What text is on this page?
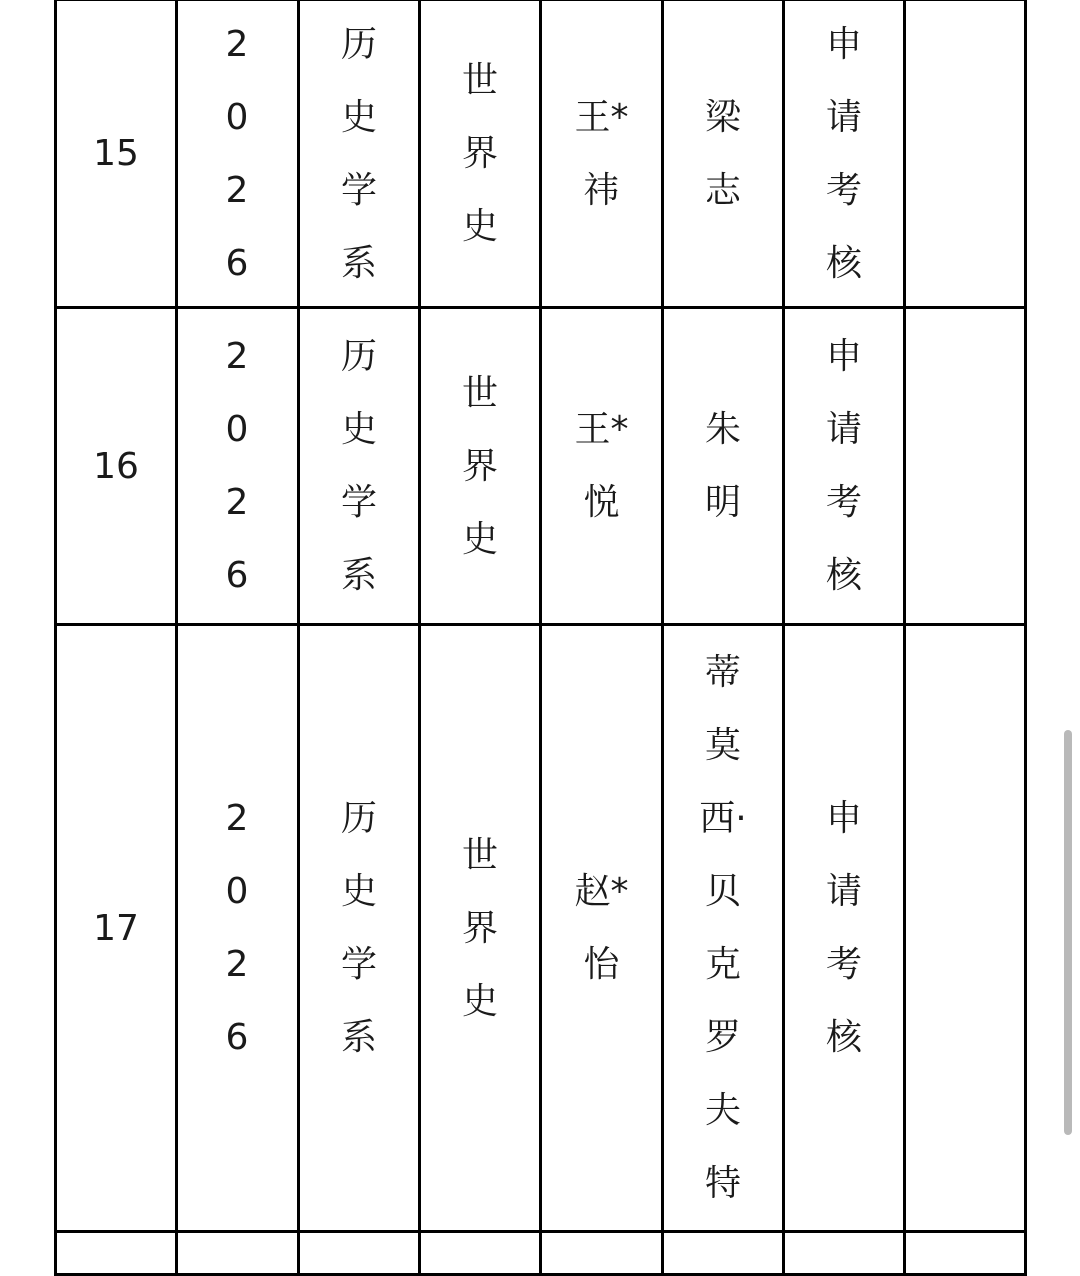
15	2026	历史学系	世界史	王*祎	梁志	申请考核	
16	2026	历史学系	世界史	王*悦	朱明	申请考核	
17	2026	历史学系	世界史	赵*怡	蒂莫西·贝克罗夫特	申请考核	
